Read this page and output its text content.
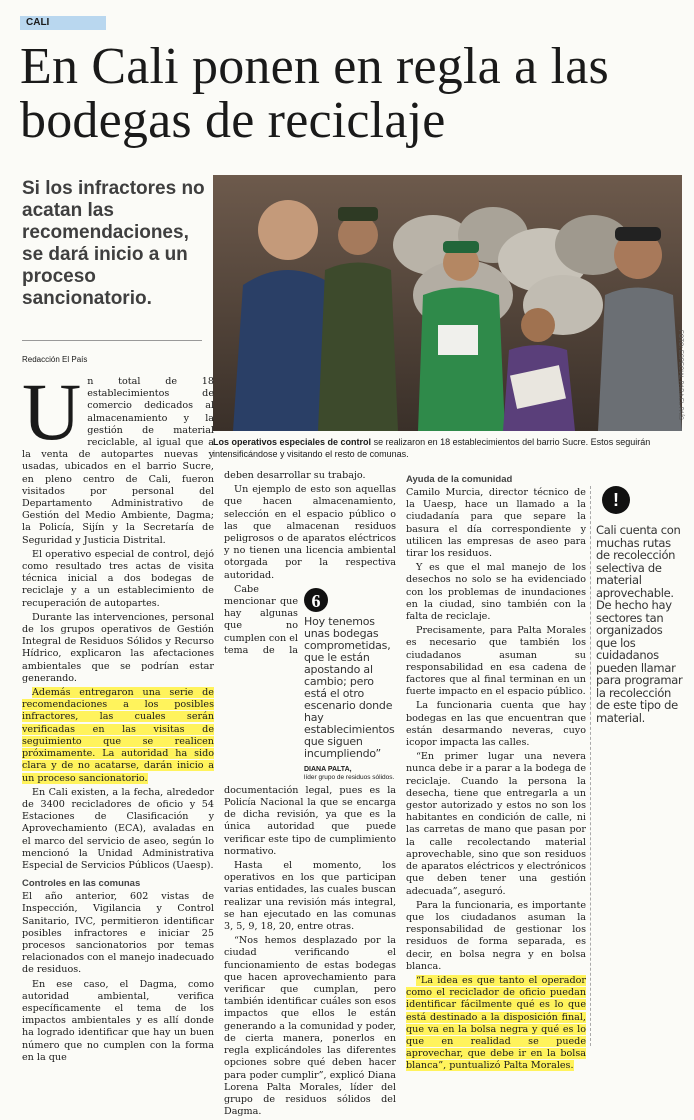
CALI
En Cali ponen en regla a las bodegas de reciclaje
Si los infractores no acatan las recomendaciones, se dará inicio a un proceso sancionatorio.
Redacción El País	FOTO: ESPECIAL PARA EL PAÍS
Los operativos especiales de control se realizaron en 18 establecimientos del barrio Sucre. Estos seguirán intensificándose y visitando el resto de comunas.
U n total de 18 establecimientos de comercio dedicados al almacenamiento y la gestión de material reciclable, al igual que a la venta de autopartes nuevas y usadas, ubicados en el barrio Sucre, en pleno centro de Cali, fueron visitados por personal del Departamento Administrativo de Gestión del Medio Ambiente, Dagma; la Policía, Sijín y la Secretaría de Seguridad y Justicia Distrital.

El operativo especial de control, dejó como resultado tres actas de visita técnica inicial a dos bodegas de reciclaje y a un establecimiento de recuperación de autopartes.

Durante las intervenciones, personal de los grupos operativos de Gestión Integral de Residuos Sólidos y Recurso Hídrico, explicaron las afectaciones ambientales que se podrían estar generando.

Además entregaron una serie de recomendaciones a los posibles infractores, las cuales serán verificadas en las visitas de seguimiento que se realicen próximamente. La autoridad ha sido clara y de no acatarse, darán inicio a un proceso sancionatorio.

En Cali existen, a la fecha, alrededor de 3400 recicladores de oficio y 54 Estaciones de Clasificación y Aprovechamiento (ECA), avaladas en el marco del servicio de aseo, según lo mencionó la Unidad Administrativa Especial de Servicios Públicos (Uaesp).

Controles en las comunas

El año anterior, 602 vistas de Inspección, Vigilancia y Control Sanitario, IVC, permitieron identificar posibles infractores e iniciar 25 procesos sancionatorios por temas relacionados con el manejo inadecuado de residuos.

En ese caso, el Dagma, como autoridad ambiental, verifica específicamente el tema de los impactos ambientales y es allí donde ha logrado identificar que hay un buen número que no cumplen con la forma en la que

deben desarrollar su trabajo.

Un ejemplo de esto son aquellas que hacen almacenamiento, selección en el espacio público o las que almacenan residuos peligrosos o de aparatos eléctricos y no tienen una licencia ambiental otorgada por la respectiva autoridad.

6
Hoy tenemos unas bodegas comprometidas, que le están apostando al cambio; pero está el otro escenario donde hay establecimientos que siguen incumpliendo”
DIANA PALTA,
líder grupo de residuos sólidos.

Cabe mencionar que hay algunas que no cumplen con el tema de la documentación legal, pues es la Policía Nacional la que se encarga de dicha revisión, ya que es la única autoridad que puede verificar este tipo de cumplimiento normativo.

Hasta el momento, los operativos en los que participan varias entidades, las cuales buscan realizar una revisión más integral, se han ejecutado en las comunas 3, 5, 9, 18, 20, entre otras.

“Nos hemos desplazado por la ciudad verificando el funcionamiento de estas bodegas que hacen aprovechamiento para verificar que cumplan, pero también identificar cuáles son esos impactos que ellos le están generando a la comunidad y poder, de cierta manera, ponerlos en regla explicándoles las diferentes opciones sobre qué deben hacer para poder cumplir”, explicó Diana Lorena Palta Morales, líder del grupo de residuos sólidos del Dagma.

Ayuda de la comunidad

Camilo Murcia, director técnico de la Uaesp, hace un llamado a la ciudadanía para que separe la basura el día correspondiente y utilicen las empresas de aseo para tirar los residuos.

Y es que el mal manejo de los desechos no solo se ha evidenciado con los problemas de inundaciones en la ciudad, sino también con la falta de reciclaje.

Precisamente, para Palta Morales es necesario que también los ciudadanos asuman su responsabilidad en esa cadena de factores que al final terminan en un fuerte impacto en el espacio público.

La funcionaria cuenta que hay bodegas en las que encuentran que están desarmando neveras, cuyo icopor impacta las calles.

“En primer lugar una nevera nunca debe ir a parar a la bodega de reciclaje. Cuando la persona la desecha, tiene que entregarla a un gestor autorizado y estos no son los habitantes en condición de calle, ni las carretas de mano que pasan por la calle recolectando material aprovechable, sino que son residuos de aparatos eléctricos y electrónicos que deben tener una gestión adecuada”, aseguró.

Para la funcionaria, es importante que los ciudadanos asuman la responsabilidad de gestionar los residuos de forma separada, es decir, en bolsa negra y en bolsa blanca.

“La idea es que tanto el operador como el reciclador de oficio puedan identificar fácilmente qué es lo que está destinado a la disposición final, que va en la bolsa negra y qué es lo que en realidad se puede aprovechar, que debe ir en la bolsa blanca”, puntualizó Palta Morales.

!
Cali cuenta con muchas rutas de recolección selectiva de material aprovechable. De hecho hay sectores tan organizados que los cuidadanos pueden llamar para programar la recolección de este tipo de material.
